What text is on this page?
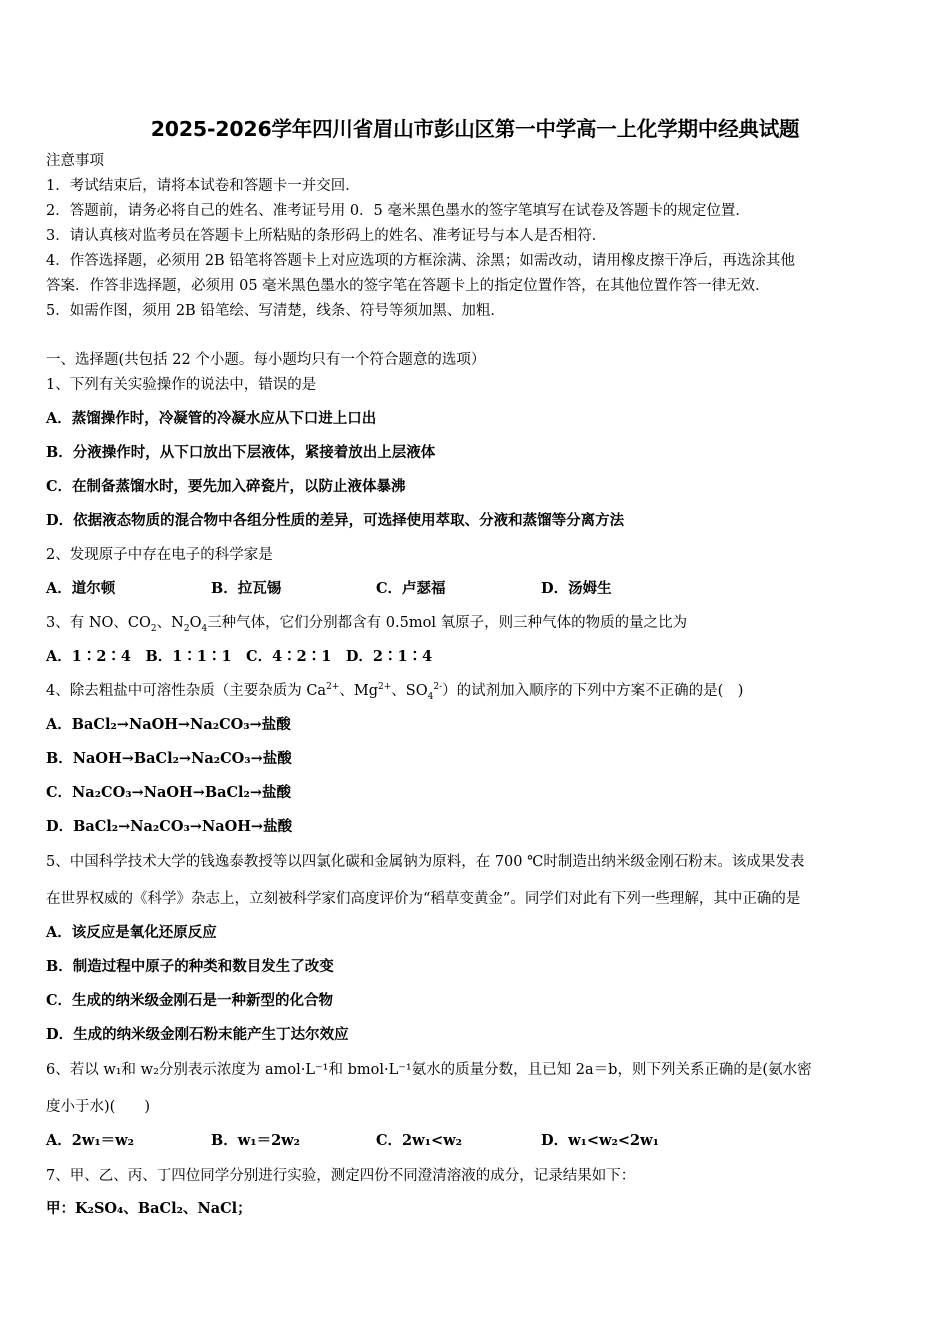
2025-2026学年四川省眉山市彭山区第一中学高一上化学期中经典试题
注意事项
1．考试结束后，请将本试卷和答题卡一并交回．
2．答题前，请务必将自己的姓名、准考证号用 0．5 毫米黑色墨水的签字笔填写在试卷及答题卡的规定位置．
3．请认真核对监考员在答题卡上所粘贴的条形码上的姓名、准考证号与本人是否相符．
4．作答选择题，必须用 2B 铅笔将答题卡上对应选项的方框涂满、涂黑；如需改动，请用橡皮擦干净后，再选涂其他
答案．作答非选择题，必须用 05 毫米黑色墨水的签字笔在答题卡上的指定位置作答，在其他位置作答一律无效．
5．如需作图，须用 2B 铅笔绘、写清楚，线条、符号等须加黑、加粗．
一、选择题(共包括 22 个小题。每小题均只有一个符合题意的选项）
1、下列有关实验操作的说法中，错误的是
A．蒸馏操作时，冷凝管的冷凝水应从下口进上口出
B．分液操作时，从下口放出下层液体，紧接着放出上层液体
C．在制备蒸馏水时，要先加入碎瓷片，以防止液体暴沸
D．依据液态物质的混合物中各组分性质的差异，可选择使用萃取、分液和蒸馏等分离方法
2、发现原子中存在电子的科学家是
A．道尔顿	B．拉瓦锡	C．卢瑟福	D．汤姆生
3、有 NO、$CO_2$、$N_2O_4$三种气体，它们分别都含有 0.5mol 氧原子，则三种气体的物质的量之比为
A．1∶2∶4　B．1∶1∶1　C．4∶2∶1　D．2∶1∶4
4、除去粗盐中可溶性杂质（主要杂质为 $Ca^{2+}$、$Mg^{2+}$、$SO_4^{2-}$）的试剂加入顺序的下列中方案不正确的是(　)
A．BaCl₂→NaOH→Na₂CO₃→盐酸
B．NaOH→BaCl₂→Na₂CO₃→盐酸
C．Na₂CO₃→NaOH→BaCl₂→盐酸
D．BaCl₂→Na₂CO₃→NaOH→盐酸
5、中国科学技术大学的钱逸泰教授等以四氯化碳和金属钠为原料，在 700 ℃时制造出纳米级金刚石粉末。该成果发表
在世界权威的《科学》杂志上，立刻被科学家们高度评价为“稻草变黄金”。同学们对此有下列一些理解，其中正确的是
A．该反应是氧化还原反应
B．制造过程中原子的种类和数目发生了改变
C．生成的纳米级金刚石是一种新型的化合物
D．生成的纳米级金刚石粉末能产生丁达尔效应
6、若以 w₁和 w₂分别表示浓度为 amol·L⁻¹和 bmol·L⁻¹氨水的质量分数，且已知 2a＝b，则下列关系正确的是(氨水密
度小于水)(　　)
A．2w₁＝w₂	B．w₁＝2w₂	C．2w₁<w₂	D．w₁<w₂<2w₁
7、甲、乙、丙、丁四位同学分别进行实验，测定四份不同澄清溶液的成分，记录结果如下：
甲：K₂SO₄、BaCl₂、NaCl；
